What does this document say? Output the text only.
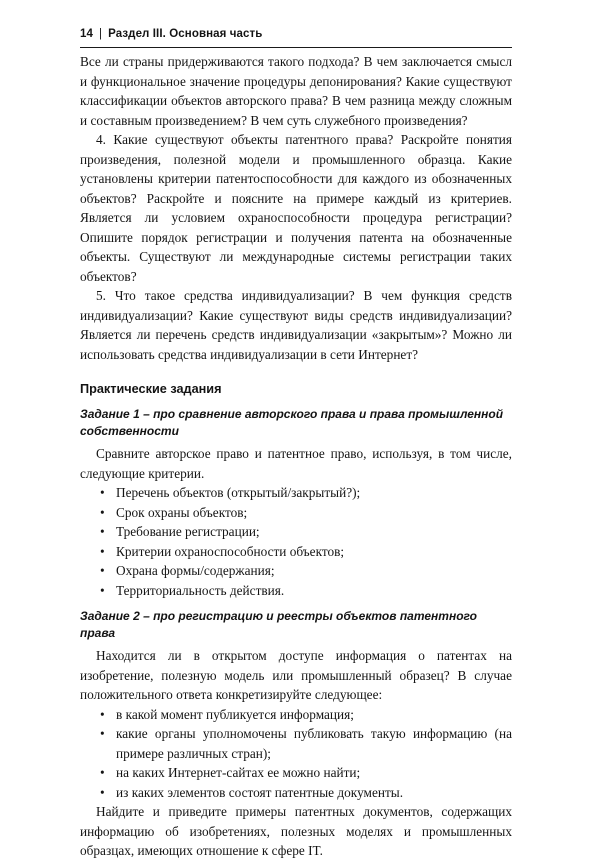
14 | Раздел III. Основная часть

Все ли страны придерживаются такого подхода? В чем заключается смысл и функциональное значение процедуры депонирования? Какие существуют классификации объектов авторского права? В чем разница между сложным и составным произведением? В чем суть служебного произведения?

4. Какие существуют объекты патентного права? Раскройте понятия произведения, полезной модели и промышленного образца. Какие установлены критерии патентоспособности для каждого из обозначенных объектов? Раскройте и поясните на примере каждый из критериев. Является ли условием охраноспособности процедура регистрации? Опишите порядок регистрации и получения патента на обозначенные объекты. Существуют ли международные системы регистрации таких объектов?

5. Что такое средства индивидуализации? В чем функция средств индивидуализации? Какие существуют виды средств индивидуализации? Является ли перечень средств индивидуализации «закрытым»? Можно ли использовать средства индивидуализации в сети Интернет?

Практические задания
Задание 1 – про сравнение авторского права и права промышленной собственности

Сравните авторское право и патентное право, используя, в том числе, следующие критерии.

• Перечень объектов (открытый/закрытый?);
• Срок охраны объектов;
• Требование регистрации;
• Критерии охраноспособности объектов;
• Охрана формы/содержания;
• Территориальность действия.
Задание 2 – про регистрацию и реестры объектов патентного права

Находится ли в открытом доступе информация о патентах на изобретение, полезную модель или промышленный образец? В случае положительного ответа конкретизируйте следующее:

• в какой момент публикуется информация;
• какие органы уполномочены публиковать такую информацию (на примере различных стран);
• на каких Интернет-сайтах ее можно найти;
• из каких элементов состоят патентные документы.

Найдите и приведите примеры патентных документов, содержащих информацию об изобретениях, полезных моделях и промышленных образцах, имеющих отношение к сфере IT.
